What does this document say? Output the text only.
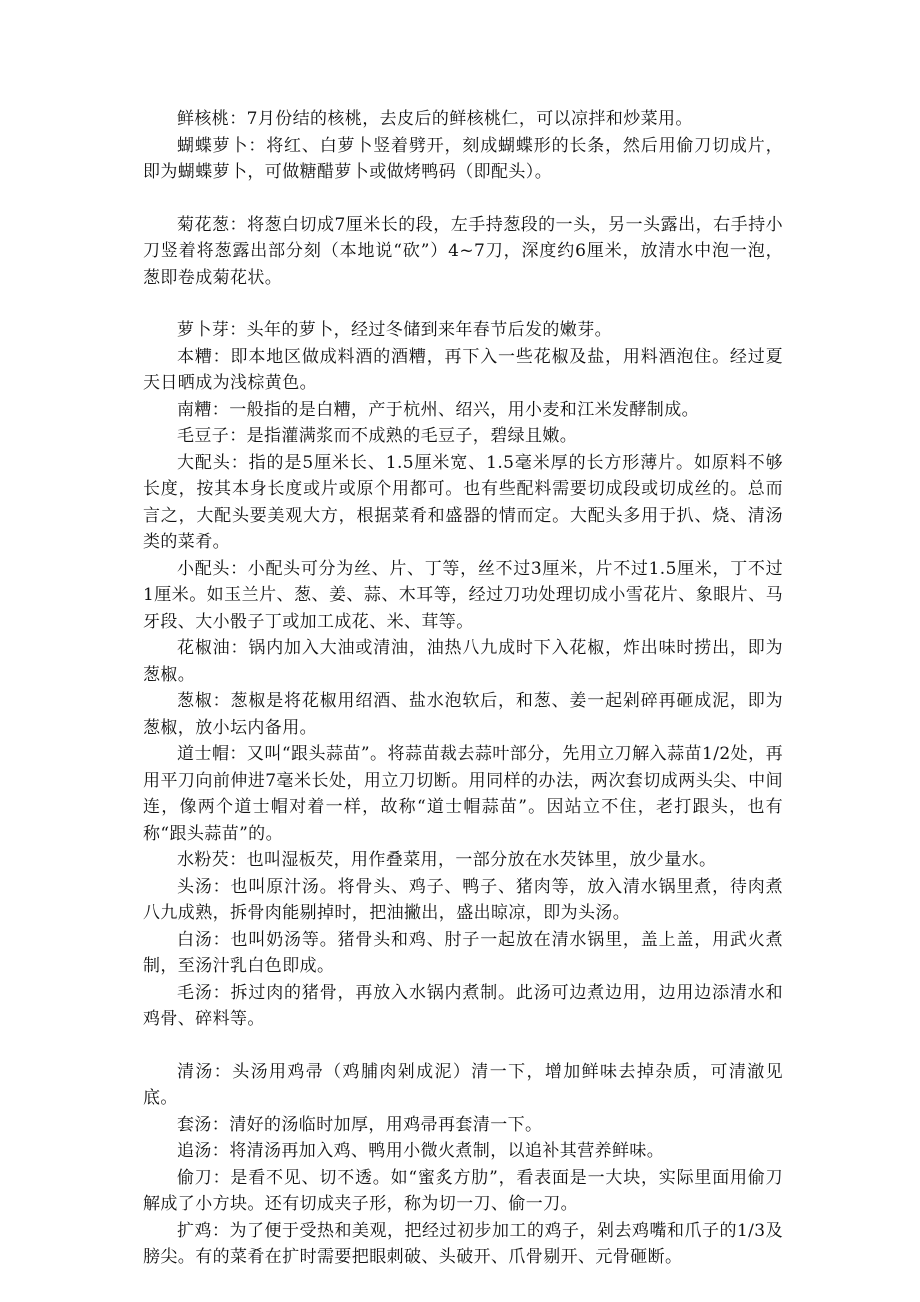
鲜核桃：7月份结的核桃，去皮后的鲜核桃仁，可以凉拌和炒菜用。

蝴蝶萝卜：将红、白萝卜竖着劈开，刻成蝴蝶形的长条，然后用偷刀切成片，即为蝴蝶萝卜，可做糖醋萝卜或做烤鸭码（即配头）。

菊花葱：将葱白切成7厘米长的段，左手持葱段的一头，另一头露出，右手持小刀竖着将葱露出部分刻（本地说“砍”）4~7刀，深度约6厘米，放清水中泡一泡，葱即卷成菊花状。

萝卜芽：头年的萝卜，经过冬储到来年春节后发的嫩芽。

本糟：即本地区做成料酒的酒糟，再下入一些花椒及盐，用料酒泡住。经过夏天日晒成为浅棕黄色。

南糟：一般指的是白糟，产于杭州、绍兴，用小麦和江米发酵制成。

毛豆子：是指灌满浆而不成熟的毛豆子，碧绿且嫩。

大配头：指的是5厘米长、1.5厘米宽、1.5毫米厚的长方形薄片。如原料不够长度，按其本身长度或片或原个用都可。也有些配料需要切成段或切成丝的。总而言之，大配头要美观大方，根据菜肴和盛器的情而定。大配头多用于扒、烧、清汤类的菜肴。

小配头：小配头可分为丝、片、丁等，丝不过3厘米，片不过1.5厘米，丁不过1厘米。如玉兰片、葱、姜、蒜、木耳等，经过刀功处理切成小雪花片、象眼片、马牙段、大小骰子丁或加工成花、米、茸等。

花椒油：锅内加入大油或清油，油热八九成时下入花椒，炸出味时捞出，即为葱椒。

葱椒：葱椒是将花椒用绍酒、盐水泡软后，和葱、姜一起剁碎再砸成泥，即为葱椒，放小坛内备用。

道士帽：又叫“跟头蒜苗”。将蒜苗裁去蒜叶部分，先用立刀解入蒜苗1/2处，再用平刀向前伸进7毫米长处，用立刀切断。用同样的办法，两次套切成两头尖、中间连，像两个道士帽对着一样，故称“道士帽蒜苗”。因站立不住，老打跟头，也有称“跟头蒜苗”的。

水粉芡：也叫湿板芡，用作叠菜用，一部分放在水芡钵里，放少量水。

头汤：也叫原汁汤。将骨头、鸡子、鸭子、猪肉等，放入清水锅里煮，待肉煮八九成熟，拆骨肉能剔掉时，把油撇出，盛出晾凉，即为头汤。

白汤：也叫奶汤等。猪骨头和鸡、肘子一起放在清水锅里，盖上盖，用武火煮制，至汤汁乳白色即成。

毛汤：拆过肉的猪骨，再放入水锅内煮制。此汤可边煮边用，边用边添清水和鸡骨、碎料等。

清汤：头汤用鸡帚（鸡脯肉剁成泥）清一下，增加鲜味去掉杂质，可清澈见底。

套汤：清好的汤临时加厚，用鸡帚再套清一下。

追汤：将清汤再加入鸡、鸭用小微火煮制，以追补其营养鲜味。

偷刀：是看不见、切不透。如“蜜炙方肋”，看表面是一大块，实际里面用偷刀解成了小方块。还有切成夹子形，称为切一刀、偷一刀。

扩鸡：为了便于受热和美观，把经过初步加工的鸡子，剁去鸡嘴和爪子的1/3及膀尖。有的菜肴在扩时需要把眼刺破、头破开、爪骨剔开、元骨砸断。
